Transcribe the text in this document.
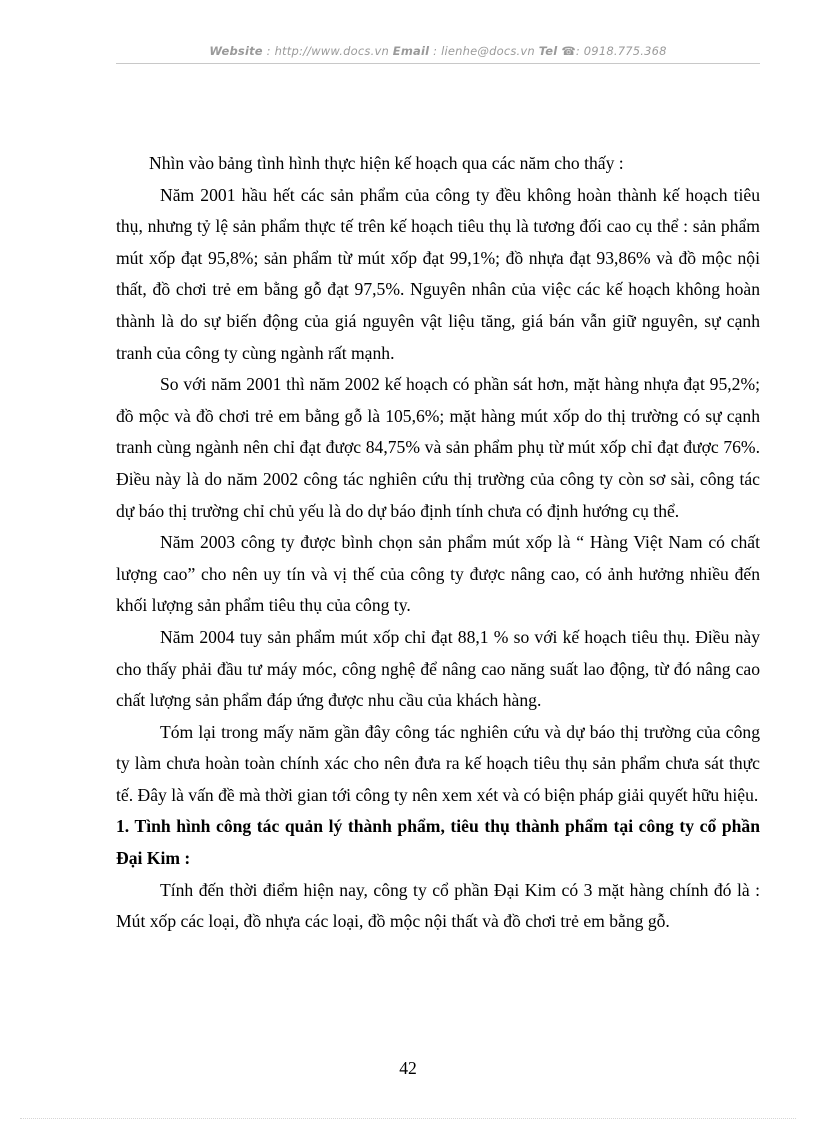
Website : http://www.docs.vn Email : lienhe@docs.vn Tel ☎: 0918.775.368

Nhìn vào bảng tình hình thực hiện kế hoạch qua các năm cho thấy :

Năm 2001 hầu hết các sản phẩm của công ty đều không hoàn thành kế hoạch tiêu thụ, nhưng tỷ lệ sản phẩm thực tế trên kế hoạch tiêu thụ là tương đối cao cụ thể : sản phẩm mút xốp đạt 95,8%; sản phẩm từ mút xốp đạt 99,1%; đồ nhựa đạt 93,86% và đồ mộc nội thất, đồ chơi trẻ em bằng gỗ đạt 97,5%. Nguyên nhân của việc các kế hoạch không hoàn thành là do sự biến động của giá nguyên vật liệu tăng, giá bán vẫn giữ nguyên, sự cạnh tranh của công ty cùng ngành rất mạnh.

So với năm 2001 thì năm 2002 kế hoạch có phần sát hơn, mặt hàng nhựa đạt 95,2%; đồ mộc và đồ chơi trẻ em bằng gỗ là 105,6%; mặt hàng mút xốp do thị trường có sự cạnh tranh cùng ngành nên chỉ đạt được 84,75% và sản phẩm phụ từ mút xốp chỉ đạt được 76%. Điều này là do năm 2002 công tác nghiên cứu thị trường của công ty còn sơ sài, công tác dự báo thị trường chỉ chủ yếu là do dự báo định tính chưa có định hướng cụ thể.

Năm 2003 công ty được bình chọn sản phẩm mút xốp là “ Hàng Việt Nam có chất lượng cao” cho nên uy tín và vị thế của công ty được nâng cao, có ảnh hưởng nhiều đến khối lượng sản phẩm tiêu thụ của công ty.

Năm 2004 tuy sản phẩm mút xốp chỉ đạt 88,1 % so với kế hoạch tiêu thụ. Điều này cho thấy phải đầu tư máy móc, công nghệ để nâng cao năng suất lao động, từ đó nâng cao chất lượng sản phẩm đáp ứng được nhu cầu của khách hàng.

Tóm lại trong mấy năm gần đây công tác nghiên cứu và dự báo thị trường của công ty làm chưa hoàn toàn chính xác cho nên đưa ra kế hoạch tiêu thụ sản phẩm chưa sát thực tế. Đây là vấn đề mà thời gian tới công ty nên xem xét và có biện pháp giải quyết hữu hiệu.

1. Tình hình công tác quản lý thành phẩm, tiêu thụ thành phẩm tại công ty cổ phần Đại Kim :

Tính đến thời điểm hiện nay, công ty cổ phần Đại Kim có 3 mặt hàng chính đó là : Mút xốp các loại, đồ nhựa các loại, đồ mộc nội thất và đồ chơi trẻ em bằng gỗ.

42
